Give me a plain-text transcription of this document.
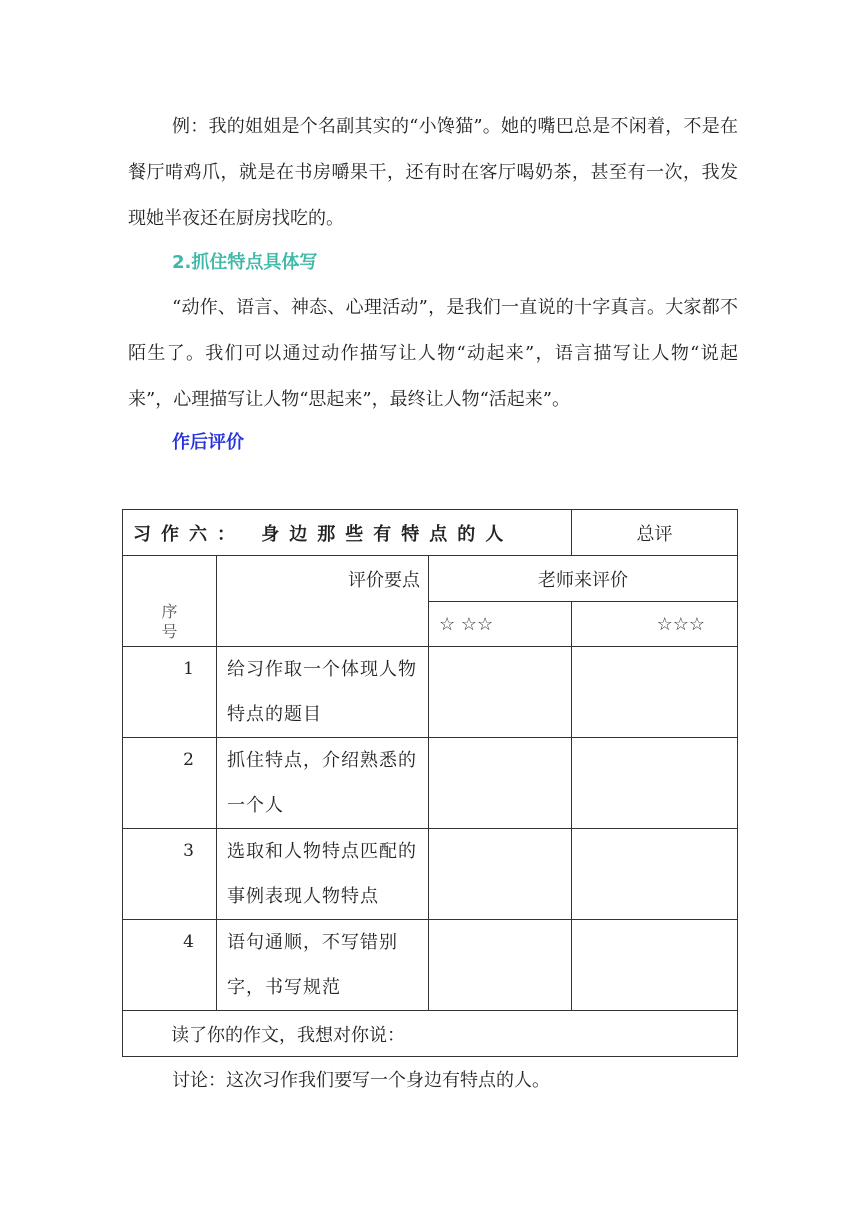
例：我的姐姐是个名副其实的“小馋猫”。她的嘴巴总是不闲着，不是在餐厅啃鸡爪，就是在书房嚼果干，还有时在客厅喝奶茶，甚至有一次，我发现她半夜还在厨房找吃的。

2.抓住特点具体写

“动作、语言、神态、心理活动”，是我们一直说的十字真言。大家都不陌生了。我们可以通过动作描写让人物“动起来”，语言描写让人物“说起来”，心理描写让人物“思起来”，最终让人物“活起来”。

作后评价
习作六： 身边那些有特点的人			总评
序号	评价要点	老师来评价	
		☆ ☆☆	☆☆☆
1	给习作取一个体现人物特点的题目		
2	抓住特点，介绍熟悉的一个人		
3	选取和人物特点匹配的事例表现人物特点		
4	语句通顺，不写错别字，书写规范		
读了你的作文，我想对你说：			

讨论：这次习作我们要写一个身边有特点的人。
